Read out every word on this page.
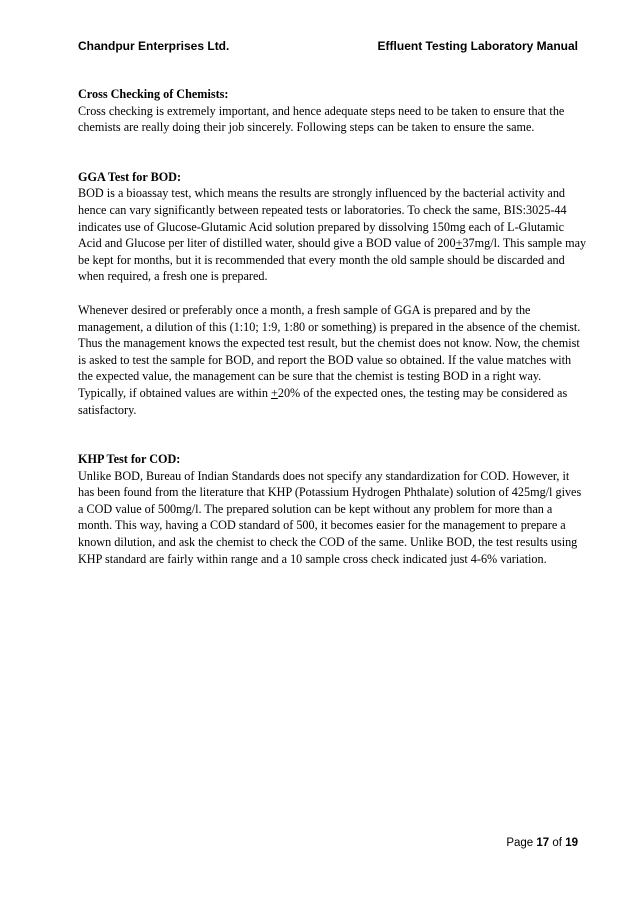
Chandpur Enterprises Ltd.	Effluent Testing Laboratory Manual

Cross Checking of Chemists:

Cross checking is extremely important, and hence adequate steps need to be taken to ensure that the chemists are really doing their job sincerely. Following steps can be taken to ensure the same.

GGA Test for BOD:

BOD is a bioassay test, which means the results are strongly influenced by the bacterial activity and hence can vary significantly between repeated tests or laboratories. To check the same, BIS:3025-44 indicates use of Glucose-Glutamic Acid solution prepared by dissolving 150mg each of L-Glutamic Acid and Glucose per liter of distilled water, should give a BOD value of 200+37mg/l. This sample may be kept for months, but it is recommended that every month the old sample should be discarded and when required, a fresh one is prepared.

Whenever desired or preferably once a month, a fresh sample of GGA is prepared and by the management, a dilution of this (1:10; 1:9, 1:80 or something) is prepared in the absence of the chemist. Thus the management knows the expected test result, but the chemist does not know. Now, the chemist is asked to test the sample for BOD, and report the BOD value so obtained. If the value matches with the expected value, the management can be sure that the chemist is testing BOD in a right way. Typically, if obtained values are within +20% of the expected ones, the testing may be considered as satisfactory.

KHP Test for COD:

Unlike BOD, Bureau of Indian Standards does not specify any standardization for COD. However, it has been found from the literature that KHP (Potassium Hydrogen Phthalate) solution of 425mg/l gives a COD value of 500mg/l. The prepared solution can be kept without any problem for more than a month. This way, having a COD standard of 500, it becomes easier for the management to prepare a known dilution, and ask the chemist to check the COD of the same. Unlike BOD, the test results using KHP standard are fairly within range and a 10 sample cross check indicated just 4-6% variation.

Page 17 of 19
